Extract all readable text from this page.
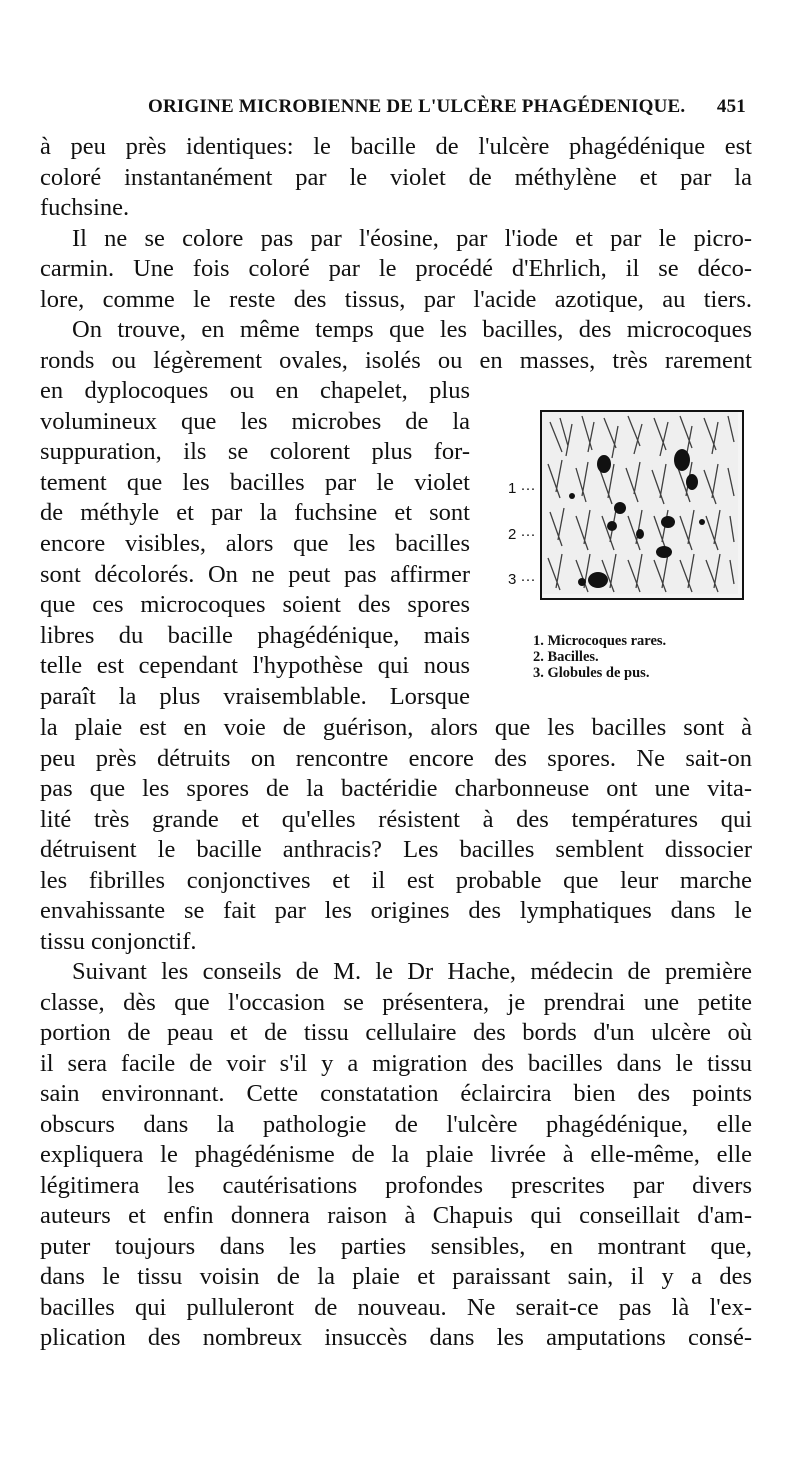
ORIGINE MICROBIENNE DE L'ULCÈRE PHAGÉDENIQUE. 451
à peu près identiques: le bacille de l'ulcère phagédénique est
coloré instantanément par le violet de méthylène et par la
fuchsine.
Il ne se colore pas par l'éosine, par l'iode et par le picro-
carmin. Une fois coloré par le procédé d'Ehrlich, il se déco-
lore, comme le reste des tissus, par l'acide azotique, au tiers.
On trouve, en même temps que les bacilles, des microcoques
ronds ou légèrement ovales, isolés ou en masses, très rarement
en dyplocoques ou en chapelet, plus
volumineux que les microbes de la
suppuration, ils se colorent plus for-
tement que les bacilles par le violet
de méthyle et par la fuchsine et sont
encore visibles, alors que les bacilles
sont décolorés. On ne peut pas affirmer
que ces microcoques soient des spores
libres du bacille phagédénique, mais
telle est cependant l'hypothèse qui nous
paraît la plus vraisemblable. Lorsque
la plaie est en voie de guérison, alors que les bacilles sont à
peu près détruits on rencontre encore des spores. Ne sait-on
pas que les spores de la bactéridie charbonneuse ont une vita-
lité très grande et qu'elles résistent à des températures qui
détruisent le bacille anthracis? Les bacilles semblent dissocier
les fibrilles conjonctives et il est probable que leur marche
envahissante se fait par les origines des lymphatiques dans le
tissu conjonctif.
Suivant les conseils de M. le Dr Hache, médecin de première
classe, dès que l'occasion se présentera, je prendrai une petite
portion de peau et de tissu cellulaire des bords d'un ulcère où
il sera facile de voir s'il y a migration des bacilles dans le tissu
sain environnant. Cette constatation éclaircira bien des points
obscurs dans la pathologie de l'ulcère phagédénique, elle
expliquera le phagédénisme de la plaie livrée à elle-même, elle
légitimera les cautérisations profondes prescrites par divers
auteurs et enfin donnera raison à Chapuis qui conseillait d'am-
puter toujours dans les parties sensibles, en montrant que,
dans le tissu voisin de la plaie et paraissant sain, il y a des
bacilles qui pulluleront de nouveau. Ne serait-ce pas là l'ex-
plication des nombreux insuccès dans les amputations consé-
1 ···
2 ···
3 ···
1. Microcoques rares.
2. Bacilles.
3. Globules de pus.
